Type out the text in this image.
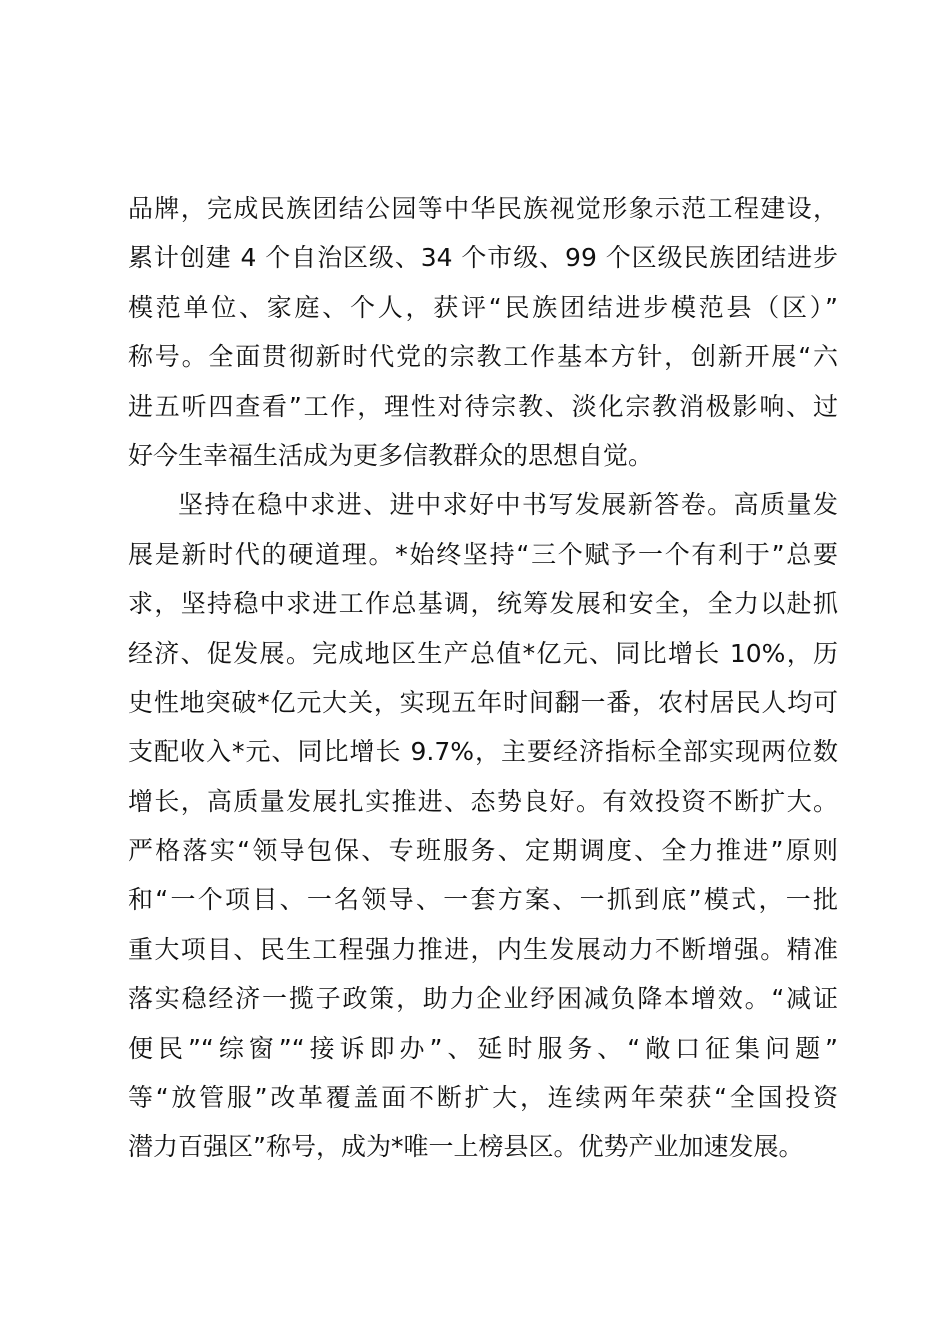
品牌，完成民族团结公园等中华民族视觉形象示范工程建设，
累计创建 4 个自治区级、34 个市级、99 个区级民族团结进步
模范单位、家庭、个人，获评“民族团结进步模范县（区）”
称号。全面贯彻新时代党的宗教工作基本方针，创新开展“六
进五听四查看”工作，理性对待宗教、淡化宗教消极影响、过
好今生幸福生活成为更多信教群众的思想自觉。
坚持在稳中求进、进中求好中书写发展新答卷。高质量发
展是新时代的硬道理。*始终坚持“三个赋予一个有利于”总要
求，坚持稳中求进工作总基调，统筹发展和安全，全力以赴抓
经济、促发展。完成地区生产总值*亿元、同比增长 10%，历
史性地突破*亿元大关，实现五年时间翻一番，农村居民人均可
支配收入*元、同比增长 9.7%，主要经济指标全部实现两位数
增长，高质量发展扎实推进、态势良好。有效投资不断扩大。
严格落实“领导包保、专班服务、定期调度、全力推进”原则
和“一个项目、一名领导、一套方案、一抓到底”模式，一批
重大项目、民生工程强力推进，内生发展动力不断增强。精准
落实稳经济一揽子政策，助力企业纾困减负降本增效。“减证
便民”“综窗”“接诉即办”、延时服务、“敞口征集问题”
等“放管服”改革覆盖面不断扩大，连续两年荣获“全国投资
潜力百强区”称号，成为*唯一上榜县区。优势产业加速发展。
